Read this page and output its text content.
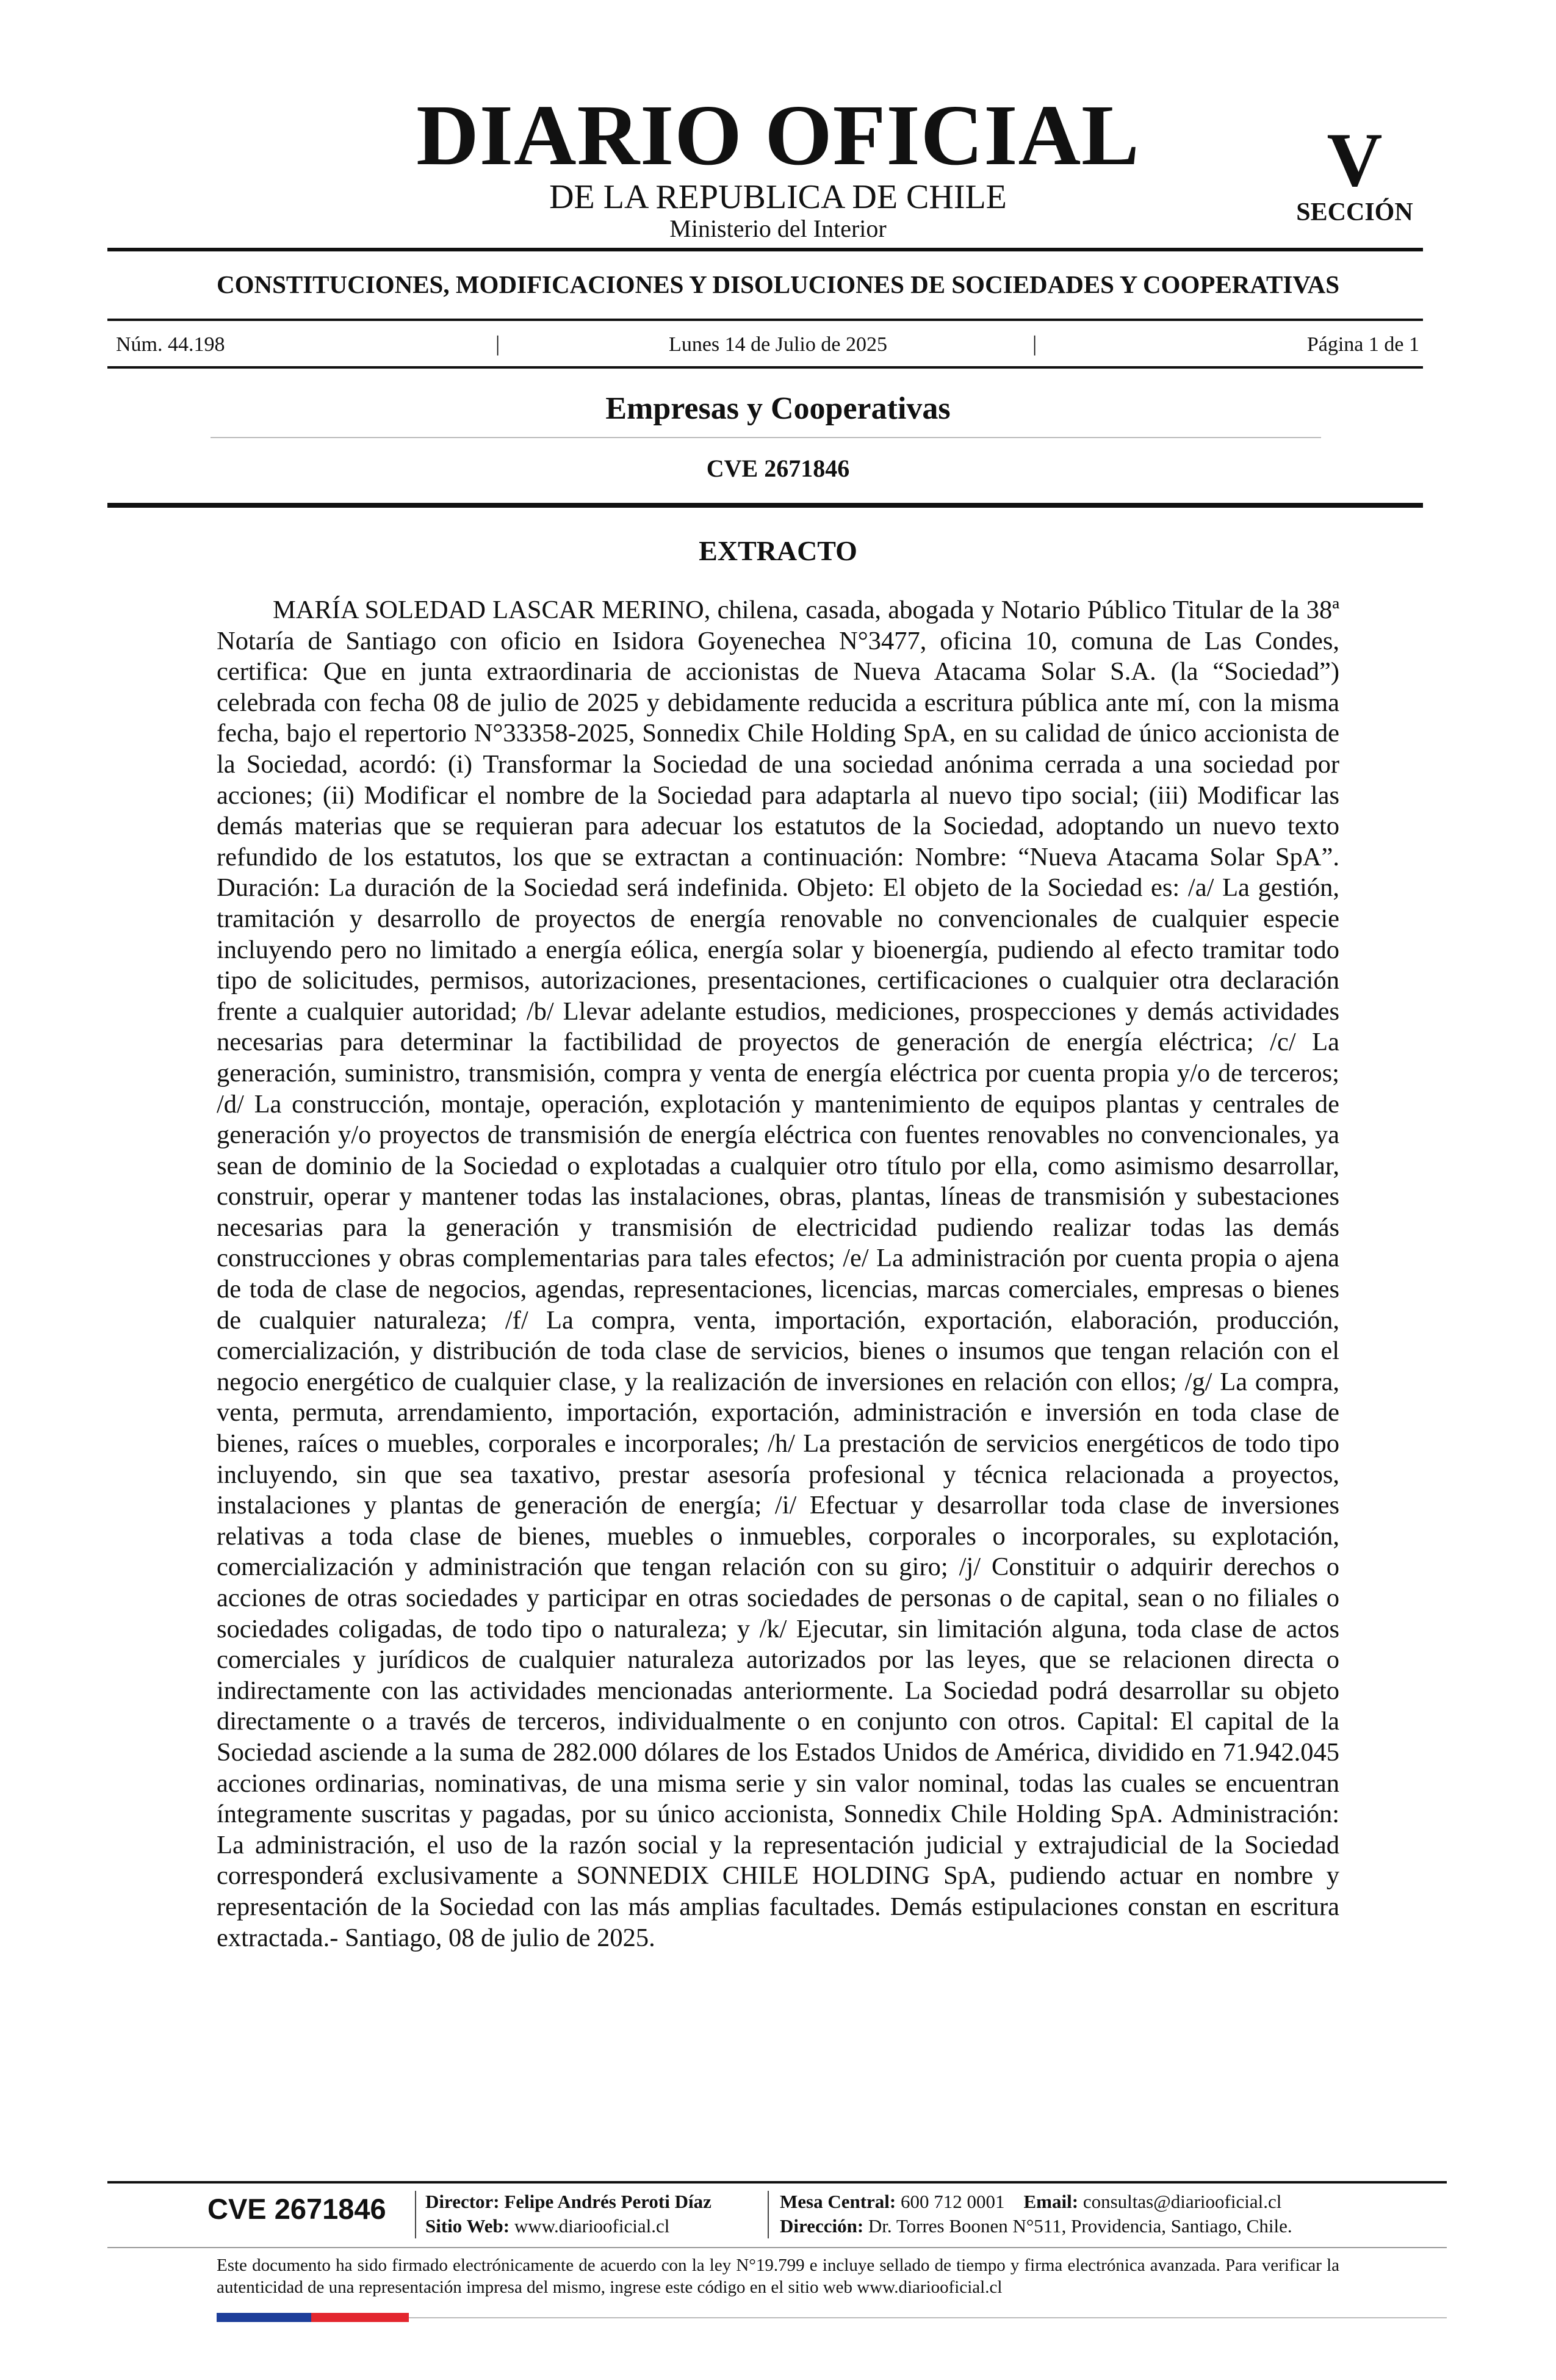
DIARIO OFICIAL
DE LA REPUBLICA DE CHILE
Ministerio del Interior
V
SECCIÓN
CONSTITUCIONES, MODIFICACIONES Y DISOLUCIONES DE SOCIEDADES Y COOPERATIVAS
Núm. 44.198	|	Lunes 14 de Julio de 2025	|	Página 1 de 1
Empresas y Cooperativas
CVE 2671846
EXTRACTO

MARÍA SOLEDAD LASCAR MERINO, chilena, casada, abogada y Notario Público Titular de la 38ª Notaría de Santiago con oficio en Isidora Goyenechea N°3477, oficina 10, comuna de Las Condes, certifica: Que en junta extraordinaria de accionistas de Nueva Atacama Solar S.A. (la “Sociedad”) celebrada con fecha 08 de julio de 2025 y debidamente reducida a escritura pública ante mí, con la misma fecha, bajo el repertorio N°33358-2025, Sonnedix Chile Holding SpA, en su calidad de único accionista de la Sociedad, acordó: (i) Transformar la Sociedad de una sociedad anónima cerrada a una sociedad por acciones; (ii) Modificar el nombre de la Sociedad para adaptarla al nuevo tipo social; (iii) Modificar las demás materias que se requieran para adecuar los estatutos de la Sociedad, adoptando un nuevo texto refundido de los estatutos, los que se extractan a continuación: Nombre: “Nueva Atacama Solar SpA”. Duración: La duración de la Sociedad será indefinida. Objeto: El objeto de la Sociedad es: /a/ La gestión, tramitación y desarrollo de proyectos de energía renovable no convencionales de cualquier especie incluyendo pero no limitado a energía eólica, energía solar y bioenergía, pudiendo al efecto tramitar todo tipo de solicitudes, permisos, autorizaciones, presentaciones, certificaciones o cualquier otra declaración frente a cualquier autoridad; /b/ Llevar adelante estudios, mediciones, prospecciones y demás actividades necesarias para determinar la factibilidad de proyectos de generación de energía eléctrica; /c/ La generación, suministro, transmisión, compra y venta de energía eléctrica por cuenta propia y/o de terceros; /d/ La construcción, montaje, operación, explotación y mantenimiento de equipos plantas y centrales de generación y/o proyectos de transmisión de energía eléctrica con fuentes renovables no convencionales, ya sean de dominio de la Sociedad o explotadas a cualquier otro título por ella, como asimismo desarrollar, construir, operar y mantener todas las instalaciones, obras, plantas, líneas de transmisión y subestaciones necesarias para la generación y transmisión de electricidad pudiendo realizar todas las demás construcciones y obras complementarias para tales efectos; /e/ La administración por cuenta propia o ajena de toda de clase de negocios, agendas, representaciones, licencias, marcas comerciales, empresas o bienes de cualquier naturaleza; /f/ La compra, venta, importación, exportación, elaboración, producción, comercialización, y distribución de toda clase de servicios, bienes o insumos que tengan relación con el negocio energético de cualquier clase, y la realización de inversiones en relación con ellos; /g/ La compra, venta, permuta, arrendamiento, importación, exportación, administración e inversión en toda clase de bienes, raíces o muebles, corporales e incorporales; /h/ La prestación de servicios energéticos de todo tipo incluyendo, sin que sea taxativo, prestar asesoría profesional y técnica relacionada a proyectos, instalaciones y plantas de generación de energía; /i/ Efectuar y desarrollar toda clase de inversiones relativas a toda clase de bienes, muebles o inmuebles, corporales o incorporales, su explotación, comercialización y administración que tengan relación con su giro; /j/ Constituir o adquirir derechos o acciones de otras sociedades y participar en otras sociedades de personas o de capital, sean o no filiales o sociedades coligadas, de todo tipo o naturaleza; y /k/ Ejecutar, sin limitación alguna, toda clase de actos comerciales y jurídicos de cualquier naturaleza autorizados por las leyes, que se relacionen directa o indirectamente con las actividades mencionadas anteriormente. La Sociedad podrá desarrollar su objeto directamente o a través de terceros, individualmente o en conjunto con otros. Capital: El capital de la Sociedad asciende a la suma de 282.000 dólares de los Estados Unidos de América, dividido en 71.942.045 acciones ordinarias, nominativas, de una misma serie y sin valor nominal, todas las cuales se encuentran íntegramente suscritas y pagadas, por su único accionista, Sonnedix Chile Holding SpA. Administración: La administración, el uso de la razón social y la representación judicial y extrajudicial de la Sociedad corresponderá exclusivamente a SONNEDIX CHILE HOLDING SpA, pudiendo actuar en nombre y representación de la Sociedad con las más amplias facultades. Demás estipulaciones constan en escritura extractada.- Santiago, 08 de julio de 2025.

CVE 2671846	Director: Felipe Andrés Peroti Díaz
Sitio Web: www.diariooficial.cl
Mesa Central: 600 712 0001 Email: consultas@diariooficial.cl
Dirección: Dr. Torres Boonen N°511, Providencia, Santiago, Chile.

Este documento ha sido firmado electrónicamente de acuerdo con la ley N°19.799 e incluye sellado de tiempo y firma electrónica avanzada. Para verificar la autenticidad de una representación impresa del mismo, ingrese este código en el sitio web www.diariooficial.cl
